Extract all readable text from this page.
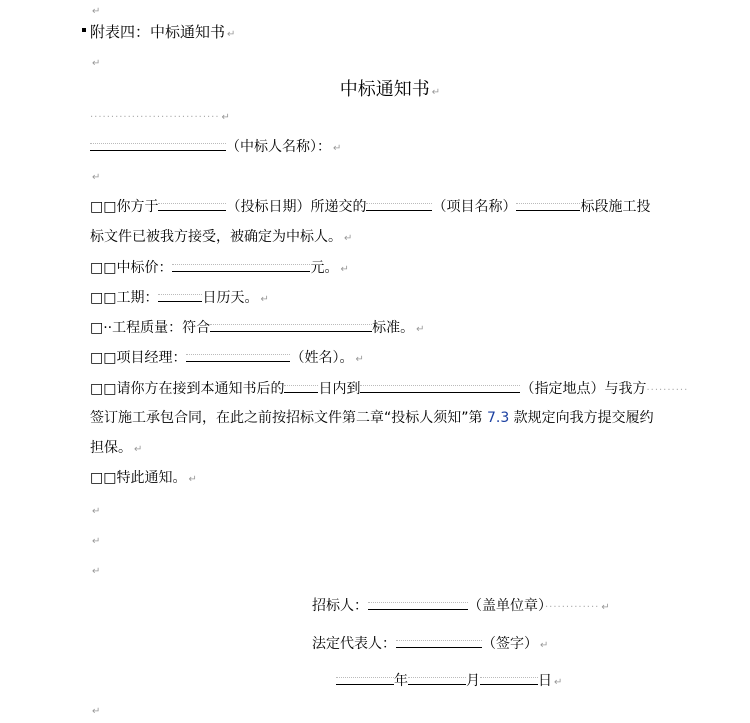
↵
附表四：中标通知书 ↵
↵
中标通知书 ↵
······························· ↵
（中标人名称）： ↵
↵
□□你方于	（投标日期）所递交的	（项目名称）	标段施工投
标文件已被我方接受，被确定为中标人。 ↵
□□中标价：	元。 ↵
□□工期：	日历天。 ↵
□··工程质量：符合	标准。 ↵
□□项目经理：	（姓名）。 ↵
□□请你方在接到本通知书后的 日内到	（指定地点）与我方··········
签订施工承包合同，在此之前按招标文件第二章“投标人须知”第 7.3 款规定向我方提交履约
担保。 ↵
□□特此通知。 ↵
↵
↵
↵
招标人：	（盖单位章）············· ↵
法定代表人：	（签字） ↵
年	月	日 ↵
↵
